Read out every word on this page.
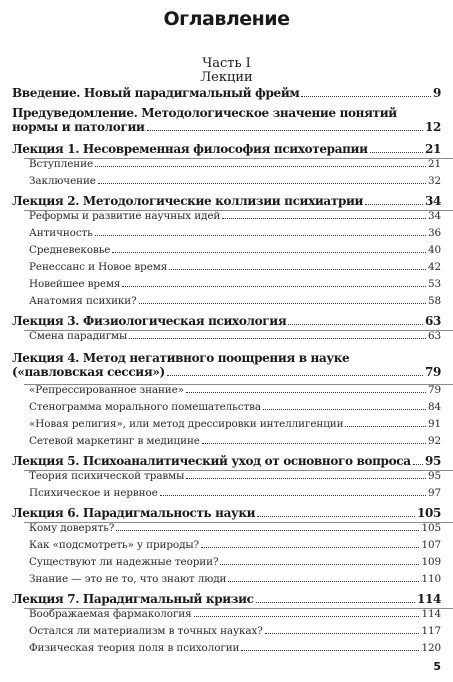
Оглавление
Часть I
Лекции
Введение. Новый парадигмальный фрейм	9
Предуведомление. Методологическое значение понятий
нормы и патологии	12
Лекция 1. Несовременная философия психотерапии	21
Вступление	21
Заключение	32
Лекция 2. Методологические коллизии психиатрии	34
Реформы и развитие научных идей	34
Античность	36
Средневековье	40
Ренессанс и Новое время	42
Новейшее время	53
Анатомия психики?	58
Лекция 3. Физиологическая психология	63
Смена парадигмы	63
Лекция 4. Метод негативного поощрения в науке
(«павловская сессия»)	79
«Репрессированное знание»	79
Стенограмма морального помешательства	84
«Новая религия», или метод дрессировки интеллигенции	91
Сетевой маркетинг в медицине	92
Лекция 5. Психоаналитический уход от основного вопроса 95
Теория психической травмы	95
Психическое и нервное	97
Лекция 6. Парадигмальность науки	105
Кому доверять?	105
Как «подсмотреть» у природы?	107
Существуют ли надежные теории?	109
Знание — это не то, что знают люди	110
Лекция 7. Парадигмальный кризис	114
Воображаемая фармакология	114
Остался ли материализм в точных науках?	117
Физическая теория поля в психологии	120
5
